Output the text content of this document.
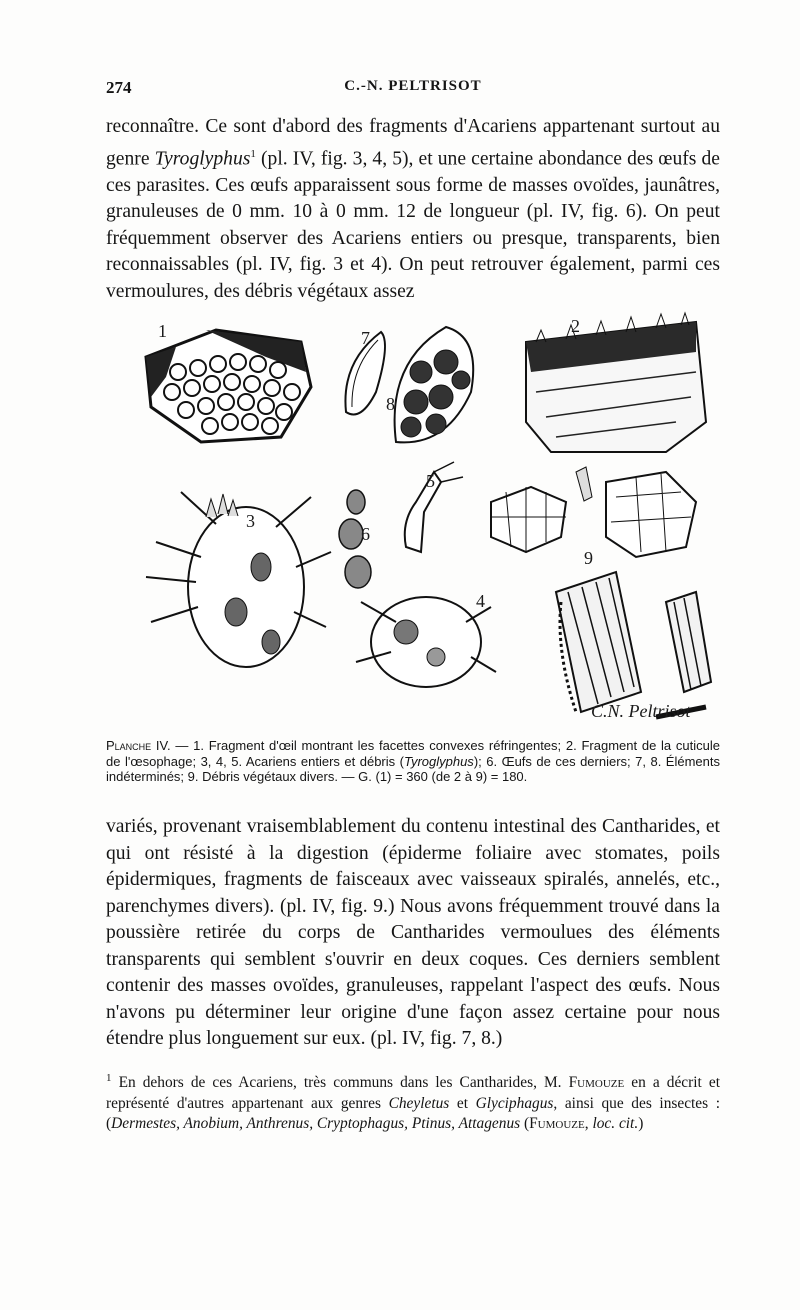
274	C.-N. PELTRISOT

reconnaître. Ce sont d'abord des fragments d'Acariens appartenant surtout au genre Tyroglyphus$^1$ (pl. IV, fig. 3, 4, 5), et une certaine abondance des œufs de ces parasites. Ces œufs apparaissent sous forme de masses ovoïdes, jaunâtres, granuleuses de 0 mm. 10 à 0 mm. 12 de longueur (pl. IV, fig. 6). On peut fréquemment observer des Acariens entiers ou presque, transparents, bien reconnaissables (pl. IV, fig. 3 et 4). On peut retrouver également, parmi ces vermoulures, des débris végétaux assez

C.N. Peltrisot
1	2
3
4
5
6
7
8
9

Planche IV. — 1. Fragment d'œil montrant les facettes convexes réfringentes; 2. Fragment de la cuticule de l'œsophage; 3, 4, 5. Acariens entiers et débris (Tyroglyphus); 6. Œufs de ces derniers; 7, 8. Éléments indéterminés; 9. Débris végétaux divers. — G. (1) = 360 (de 2 à 9) = 180.

variés, provenant vraisemblablement du contenu intestinal des Cantharides, et qui ont résisté à la digestion (épiderme foliaire avec stomates, poils épidermiques, fragments de faisceaux avec vaisseaux spiralés, annelés, etc., parenchymes divers). (pl. IV, fig. 9.) Nous avons fréquemment trouvé dans la poussière retirée du corps de Cantharides vermoulues des éléments transparents qui semblent s'ouvrir en deux coques. Ces derniers semblent contenir des masses ovoïdes, granuleuses, rappelant l'aspect des œufs. Nous n'avons pu déterminer leur origine d'une façon assez certaine pour nous étendre plus longuement sur eux. (pl. IV, fig. 7, 8.)

$^1$ En dehors de ces Acariens, très communs dans les Cantharides, M. Fumouze en a décrit et représenté d'autres appartenant aux genres Cheyletus et Glyciphagus, ainsi que des insectes : (Dermestes, Anobium, Anthrenus, Cryptophagus, Ptinus, Attagenus (Fumouze, loc. cit.)
